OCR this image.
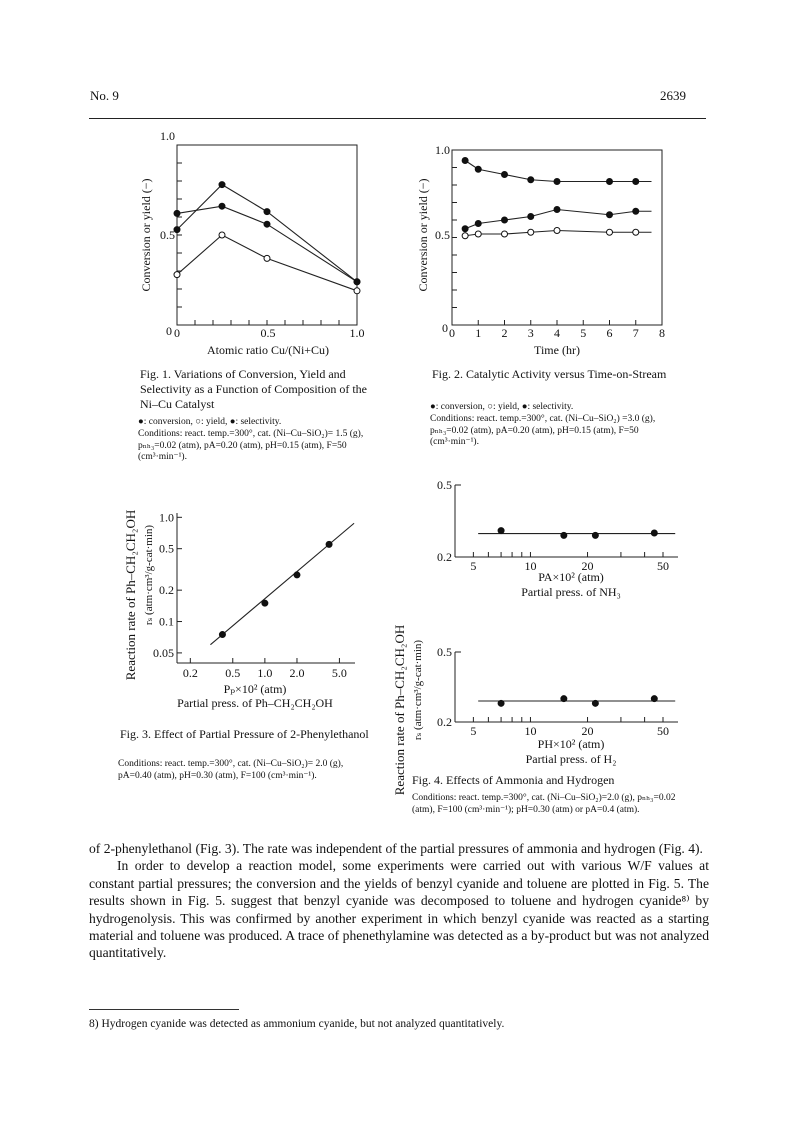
No. 9	2639
1.0
0.5
0 0	0.5	1.0
Atomic ratio Cu/(Ni+Cu)
Conversion or yield (−)
Fig. 1. Variations of Conversion, Yield and Selectivity as a Function of Composition of the Ni–Cu Catalyst
●: conversion, ○: yield, ●: selectivity.
Conditions: react. temp.=300°, cat. (Ni–Cu–SiO₂)= 1.5 (g), pₙₕ₃=0.02 (atm), pA=0.20 (atm), pH=0.15 (atm), F=50 (cm³·min⁻¹).
1.0
0.5
0 0 1 2 3 4 5 6 7 8
Time (hr)
Conversion or yield (−)
Fig. 2. Catalytic Activity versus Time-on-Stream
●: conversion, ○: yield, ●: selectivity.
Conditions: react. temp.=300°, cat. (Ni–Cu–SiO₂) =3.0 (g), pₙₕ₃=0.02 (atm), pA=0.20 (atm), pH=0.15 (atm), F=50 (cm³·min⁻¹).
0.2 0.5 1.0 2.0 5.0
0.05
0.1
0.2
0.5
1.0
Reaction rate of Ph–CH₂CH₂OH rₛ (atm·cm³/g-cat·min)
Pₚ×10² (atm)
Partial press. of Ph–CH₂CH₂OH
Fig. 3. Effect of Partial Pressure of 2-Phenylethanol
Conditions: react. temp.=300°, cat. (Ni–Cu–SiO₂)= 2.0 (g), pA=0.40 (atm), pH=0.30 (atm), F=100 (cm³·min⁻¹).
0.5
0.2
5	10	20	50
0.5
0.2
5	10	20	50
Reaction rate of Ph–CH₂CH₂OH rₛ (atm·cm³/g-cat·min)
PA×10² (atm)
Partial press. of NH₃
PH×10² (atm)
Partial press. of H₂
Fig. 4. Effects of Ammonia and Hydrogen
Conditions: react. temp.=300°, cat. (Ni–Cu–SiO₂)=2.0 (g), pₙₕ₃=0.02 (atm), F=100 (cm³·min⁻¹); pH=0.30 (atm) or pA=0.4 (atm).

of 2-phenylethanol (Fig. 3). The rate was independent of the partial pressures of ammonia and hydrogen (Fig. 4).

In order to develop a reaction model, some experiments were carried out with various W/F values at constant partial pressures; the conversion and the yields of benzyl cyanide and toluene are plotted in Fig. 5. The results shown in Fig. 5. suggest that benzyl cyanide was decomposed to toluene and hydrogen cyanide⁸⁾ by hydrogenolysis. This was confirmed by another experiment in which benzyl cyanide was reacted as a starting material and toluene was produced. A trace of phenethylamine was detected as a by-product but was not analyzed quantitatively.

8) Hydrogen cyanide was detected as ammonium cyanide, but not analyzed quantitatively.
